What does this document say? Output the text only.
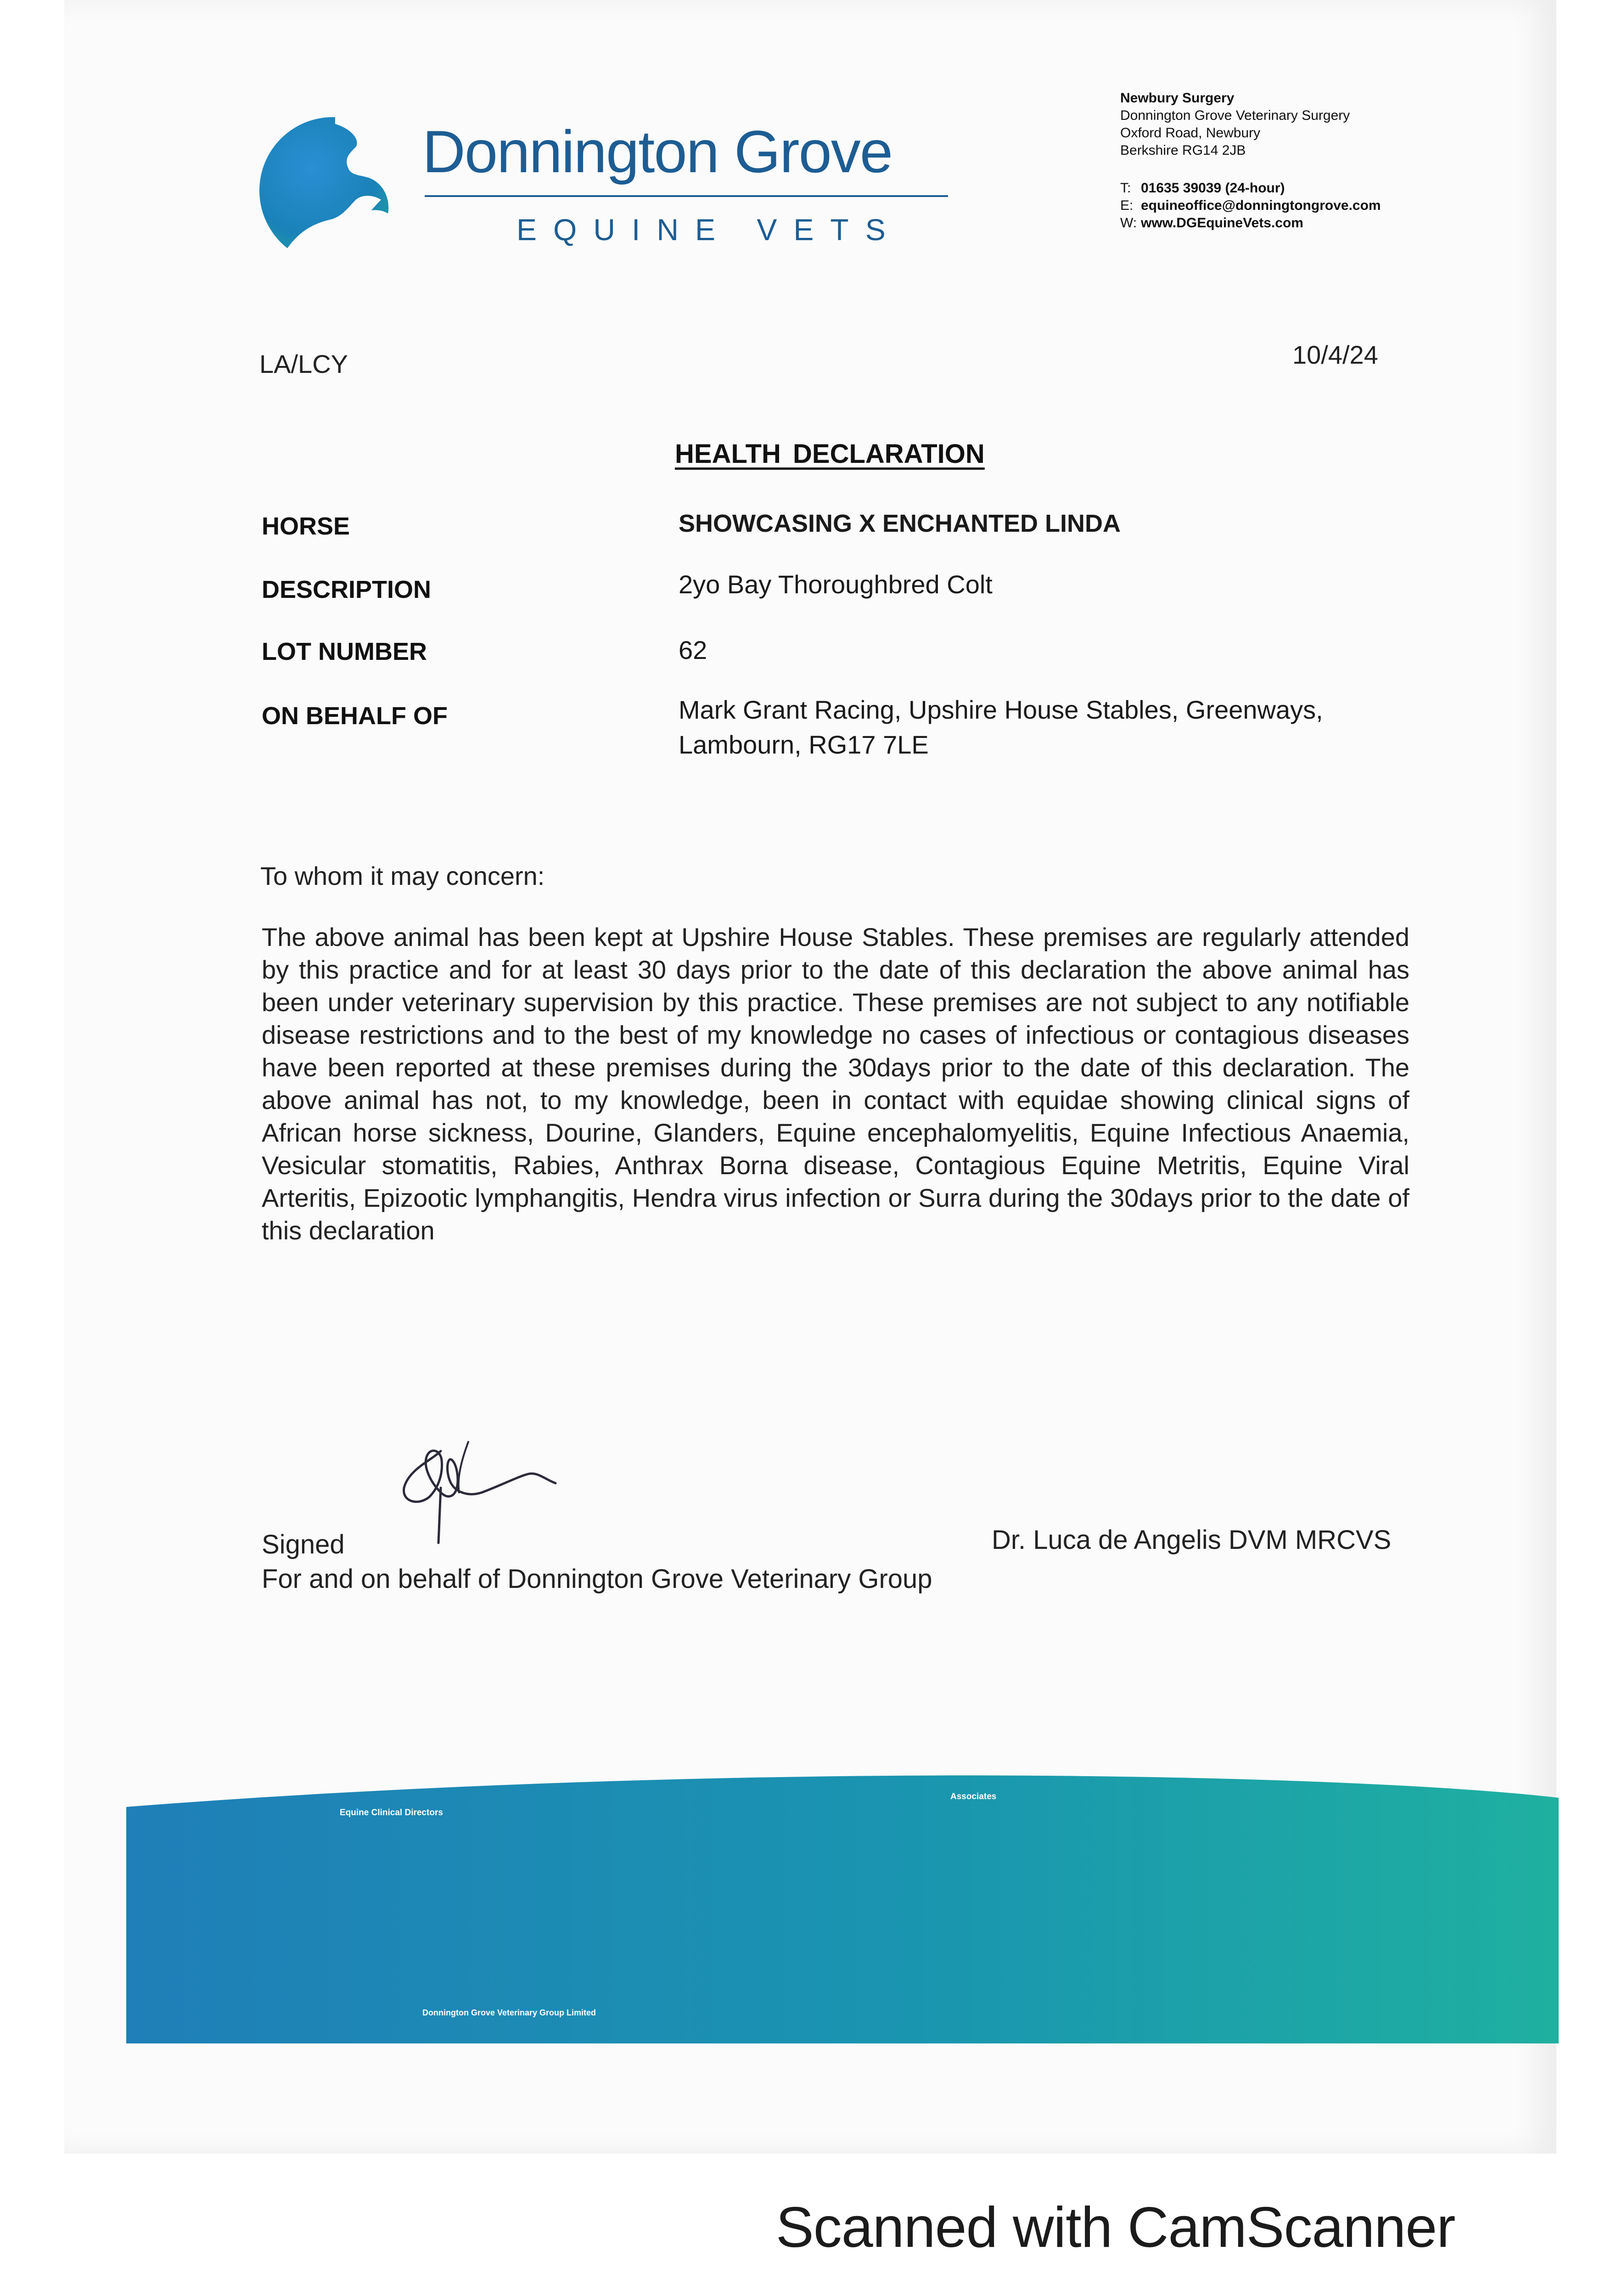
Donnington Grove
EQUINE VETS
Newbury Surgery
Donnington Grove Veterinary Surgery
Oxford Road, Newbury
Berkshire RG14 2JB
T: 01635 39039 (24-hour)
E: equineoffice@donningtongrove.com
W: www.DGEquineVets.com
LA/LCY	10/4/24
HEALTH DECLARATION
HORSE	SHOWCASING X ENCHANTED LINDA
DESCRIPTION	2yo Bay Thoroughbred Colt
LOT NUMBER	62
ON BEHALF OF	Mark Grant Racing, Upshire House Stables, Greenways,
Lambourn, RG17 7LE
To whom it may concern:
The above animal has been kept at Upshire House Stables. These premises are regularly attended by this practice and for at least 30 days prior to the date of this declaration the above animal has been under veterinary supervision by this practice. These premises are not subject to any notifiable disease restrictions and to the best of my knowledge no cases of infectious or contagious diseases have been reported at these premises during the 30days prior to the date of this declaration. The above animal has not, to my knowledge, been in contact with equidae showing clinical signs of African horse sickness, Dourine, Glanders, Equine encephalomyelitis, Equine Infectious Anaemia, Vesicular stomatitis, Rabies, Anthrax Borna disease, Contagious Equine Metritis, Equine Viral Arteritis, Epizootic lymphangitis, Hendra virus infection or Surra during the 30days prior to the date of this declaration
Signed	Dr. Luca de Angelis DVM MRCVS
For and on behalf of Donnington Grove Veterinary Group
Equine Clinical Directors
Associates
Donnington Grove Veterinary Group Limited
Scanned with CamScanner
